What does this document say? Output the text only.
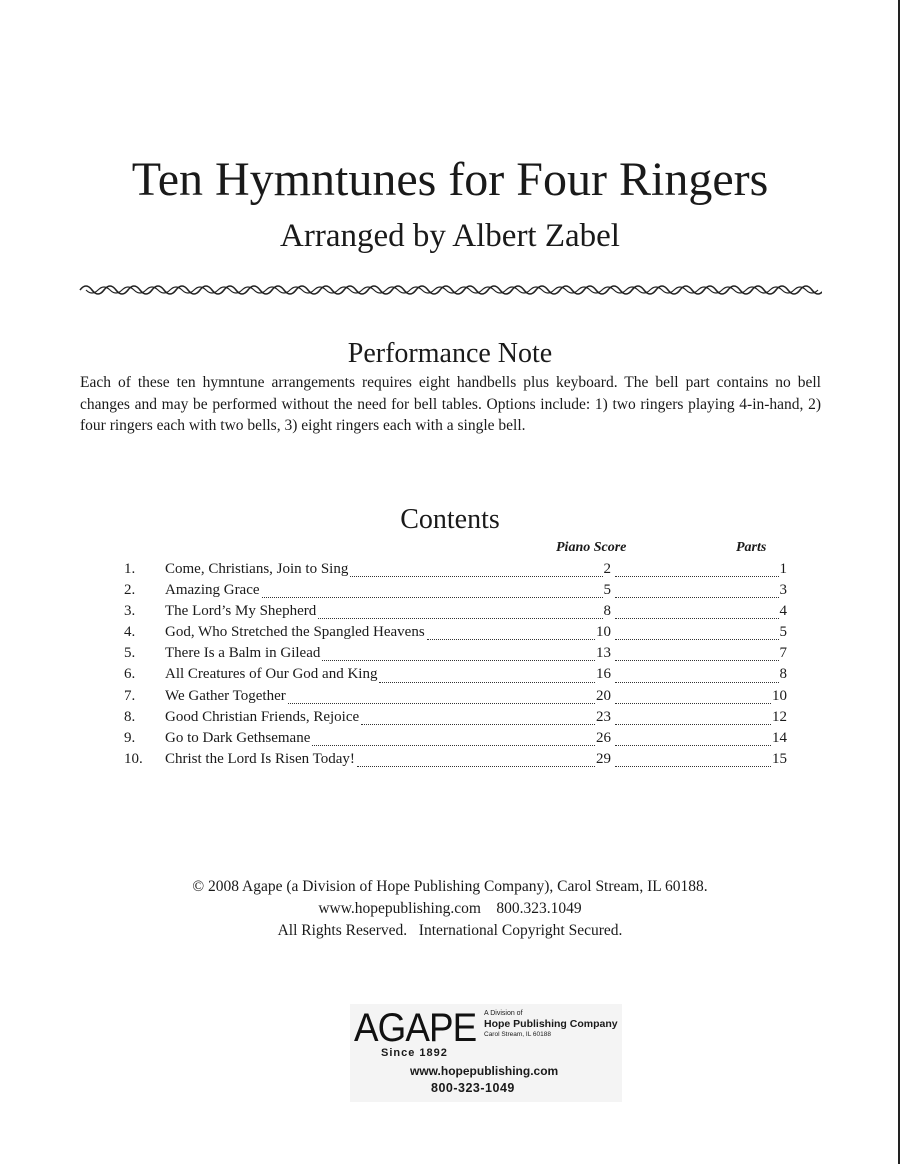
Ten Hymntunes for Four Ringers
Arranged by Albert Zabel
Performance Note
Each of these ten hymntune arrangements requires eight handbells plus keyboard. The bell part contains no bell changes and may be performed without the need for bell tables. Options include: 1) two ringers playing 4-in-hand, 2) four ringers each with two bells, 3) eight ringers each with a single bell.
Contents
Piano Score	Parts
1.	Come, Christians, Join to Sing	2	1
2.	Amazing Grace	5	3
3.	The Lord’s My Shepherd	8	4
4.	God, Who Stretched the Spangled Heavens	10	5
5.	There Is a Balm in Gilead	13	7
6.	All Creatures of Our God and King	16	8
7.	We Gather Together	20	10
8.	Good Christian Friends, Rejoice	23	12
9.	Go to Dark Gethsemane	26	14
10.	Christ the Lord Is Risen Today!	29	15
© 2008 Agape (a Division of Hope Publishing Company), Carol Stream, IL 60188.
www.hopepublishing.com    800.323.1049
All Rights Reserved.   International Copyright Secured.
AGAPE A Division of
Hope Publishing Company
Carol Stream, IL 60188
Since 1892
www.hopepublishing.com
800-323-1049
